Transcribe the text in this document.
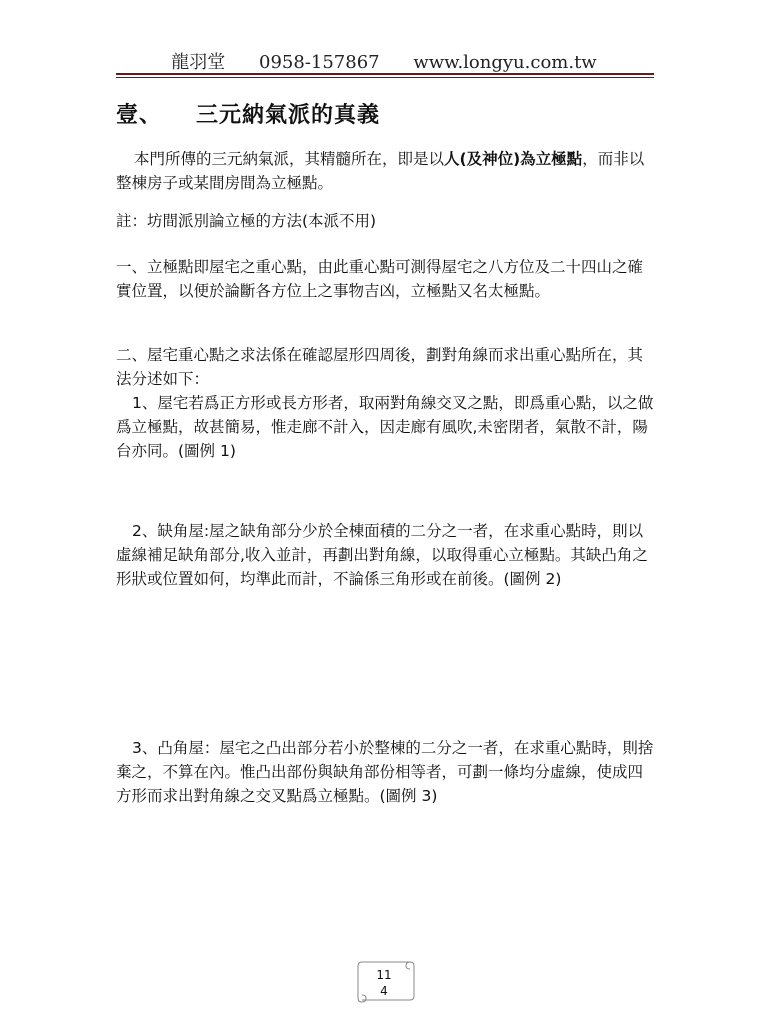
龍羽堂 0958-157867 www.longyu.com.tw
壹、 三元納氣派的真義
本門所傳的三元納氣派，其精髓所在，即是以人(及神位)為立極點，而非以整棟房子或某間房間為立極點。
註：坊間派別論立極的方法(本派不用)
一、立極點即屋宅之重心點，由此重心點可測得屋宅之八方位及二十四山之確實位置，以便於論斷各方位上之事物吉凶，立極點又名太極點。
二、屋宅重心點之求法係在確認屋形四周後，劃對角線而求出重心點所在，其法分述如下：
1、屋宅若爲正方形或長方形者，取兩對角線交叉之點，即爲重心點，以之做爲立極點，故甚簡易，惟走廊不計入，因走廊有風吹,未密閉者，氣散不計，陽台亦同。(圖例 1)
2、缺角屋:屋之缺角部分少於全棟面積的二分之一者，在求重心點時，則以虛線補足缺角部分,收入並計，再劃出對角線，以取得重心立極點。其缺凸角之形狀或位置如何，均準此而計，不論係三角形或在前後。(圖例 2)
3、凸角屋：屋宅之凸出部分若小於整棟的二分之一者，在求重心點時，則捨棄之，不算在內。惟凸出部份與缺角部份相等者，可劃一條均分虛線，使成四方形而求出對角線之交叉點爲立極點。(圖例 3)
11
4
